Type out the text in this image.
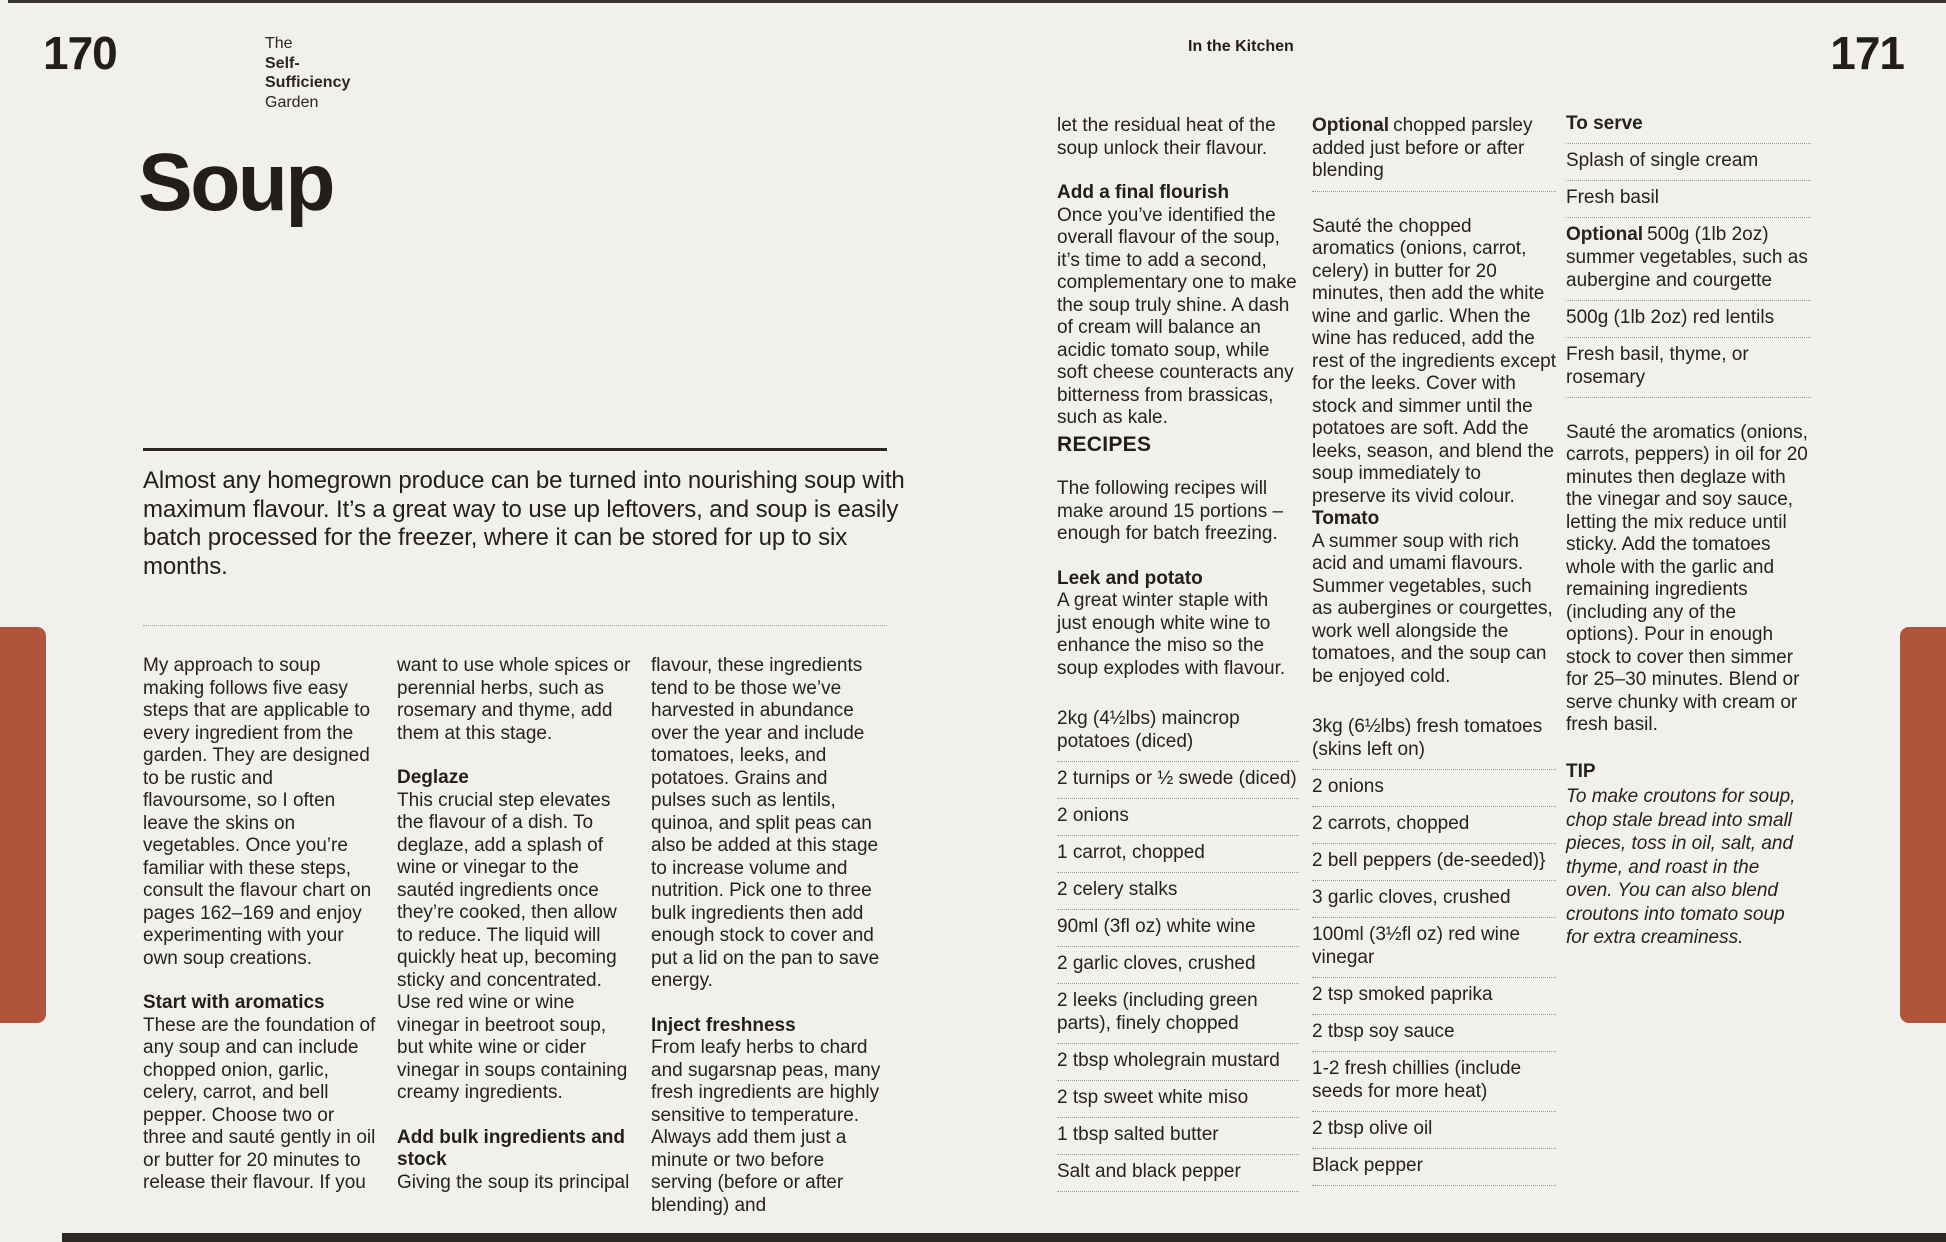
170	The
Self-
Sufficiency
Garden
Soup
Almost any homegrown produce can be turned into nourishing soup with maximum flavour. It’s a great way to use up leftovers, and soup is easily batch processed for the freezer, where it can be stored for up to six months.
My approach to soup making follows five easy steps that are applicable to every ingredient from the garden. They are designed to be rustic and flavoursome, so I often leave the skins on vegetables. Once you’re familiar with these steps, consult the flavour chart on pages 162–169 and enjoy experimenting with your own soup creations.
Start with aromatics
These are the foundation of any soup and can include chopped onion, garlic, celery, carrot, and bell pepper. Choose two or three and sauté gently in oil or butter for 20 minutes to release their flavour. If you
want to use whole spices or perennial herbs, such as rosemary and thyme, add them at this stage.
Deglaze
This crucial step elevates the flavour of a dish. To deglaze, add a splash of wine or vinegar to the sautéd ingredients once they’re cooked, then allow to reduce. The liquid will quickly heat up, becoming sticky and concentrated. Use red wine or wine vinegar in beetroot soup, but white wine or cider vinegar in soups containing creamy ingredients.
Add bulk ingredients and stock
Giving the soup its principal
flavour, these ingredients tend to be those we’ve harvested in abundance over the year and include tomatoes, leeks, and potatoes. Grains and pulses such as lentils, quinoa, and split peas can also be added at this stage to increase volume and nutrition. Pick one to three bulk ingredients then add enough stock to cover and put a lid on the pan to save energy.
Inject freshness
From leafy herbs to chard and sugarsnap peas, many fresh ingredients are highly sensitive to temperature. Always add them just a minute or two before serving (before or after blending) and
In the Kitchen	171
let the residual heat of the soup unlock their flavour.
Add a final flourish
Once you’ve identified the overall flavour of the soup, it’s time to add a second, complementary one to make the soup truly shine. A dash of cream will balance an acidic tomato soup, while soft cheese counteracts any bitterness from brassicas, such as kale.
RECIPES

The following recipes will make around 15 portions – enough for batch freezing.

Leek and potato
A great winter staple with just enough white wine to enhance the miso so the soup explodes with flavour.
2kg (4½lbs) maincrop potatoes (diced)
2 turnips or ½ swede (diced)
2 onions
1 carrot, chopped
2 celery stalks
90ml (3fl oz) white wine
2 garlic cloves, crushed
2 leeks (including green parts), finely chopped
2 tbsp wholegrain mustard
2 tsp sweet white miso
1 tbsp salted butter
Salt and black pepper
Optional chopped parsley added just before or after blending

Sauté the chopped aromatics (onions, carrot, celery) in butter for 20 minutes, then add the white wine and garlic. When the wine has reduced, add the rest of the ingredients except for the leeks. Cover with stock and simmer until the potatoes are soft. Add the leeks, season, and blend the soup immediately to preserve its vivid colour.

Tomato
A summer soup with rich acid and umami flavours. Summer vegetables, such as aubergines or courgettes, work well alongside the tomatoes, and the soup can be enjoyed cold.
3kg (6½lbs) fresh tomatoes (skins left on)
2 onions
2 carrots, chopped
2 bell peppers (de-seeded)}
3 garlic cloves, crushed
100ml (3½fl oz) red wine vinegar
2 tsp smoked paprika
2 tbsp soy sauce
1-2 fresh chillies (include seeds for more heat)
2 tbsp olive oil
Black pepper
To serve
Splash of single cream
Fresh basil
Optional 500g (1lb 2oz) summer vegetables, such as aubergine and courgette
500g (1lb 2oz) red lentils
Fresh basil, thyme, or rosemary

Sauté the aromatics (onions, carrots, peppers) in oil for 20 minutes then deglaze with the vinegar and soy sauce, letting the mix reduce until sticky. Add the tomatoes whole with the garlic and remaining ingredients (including any of the options). Pour in enough stock to cover then simmer for 25–30 minutes. Blend or serve chunky with cream or fresh basil.

TIP
To make croutons for soup, chop stale bread into small pieces, toss in oil, salt, and thyme, and roast in the oven. You can also blend croutons into tomato soup for extra creaminess.
